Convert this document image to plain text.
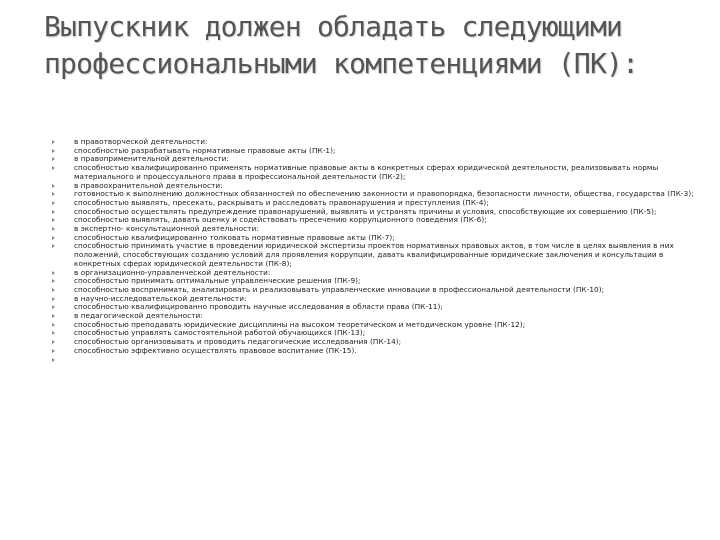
Выпускник должен обладать следующими профессиональными компетенциями (ПК):
в правотворческой деятельности:
способностью разрабатывать нормативные правовые акты (ПК-1);
в правоприменительной деятельности:
способностью квалифицированно применять нормативные правовые акты в конкретных сферах юридической деятельности, реализовывать нормы материального и процессуального права в профессиональной деятельности (ПК-2);
в правоохранительной деятельности:
готовностью к выполнению должностных обязанностей по обеспечению законности и правопорядка, безопасности личности, общества, государства (ПК-3);
способностью выявлять, пресекать, раскрывать и расследовать правонарушения и преступления (ПК-4);
способностью осуществлять предупреждение правонарушений, выявлять и устранять причины и условия, способствующие их совершению (ПК-5);
способностью выявлять, давать оценку и содействовать пресечению коррупционного поведения (ПК-6);
в экспертно- консультационной деятельности:
способностью квалифицированно толковать нормативные правовые акты (ПК-7);
способностью принимать участие в проведении юридической экспертизы проектов нормативных правовых актов, в том числе в целях выявления в них положений, способствующих созданию условий для проявления коррупции, давать квалифицированные юридические заключения и консультации в конкретных сферах юридической деятельности (ПК-8);
в организационно-управленческой деятельности:
способностью принимать оптимальные управленческие решения (ПК-9);
способностью воспринимать, анализировать и реализовывать управленческие инновации в профессиональной деятельности (ПК-10);
в научно-исследовательской деятельности:
способностью квалифицированно проводить научные исследования в области права (ПК-11);
в педагогической деятельности:
способностью преподавать юридические дисциплины на высоком теоретическом и методическом уровне (ПК-12);
способностью управлять самостоятельной работой обучающихся (ПК-13);
способностью организовывать и проводить педагогические исследования (ПК-14);
способностью эффективно осуществлять правовое воспитание (ПК-15).
